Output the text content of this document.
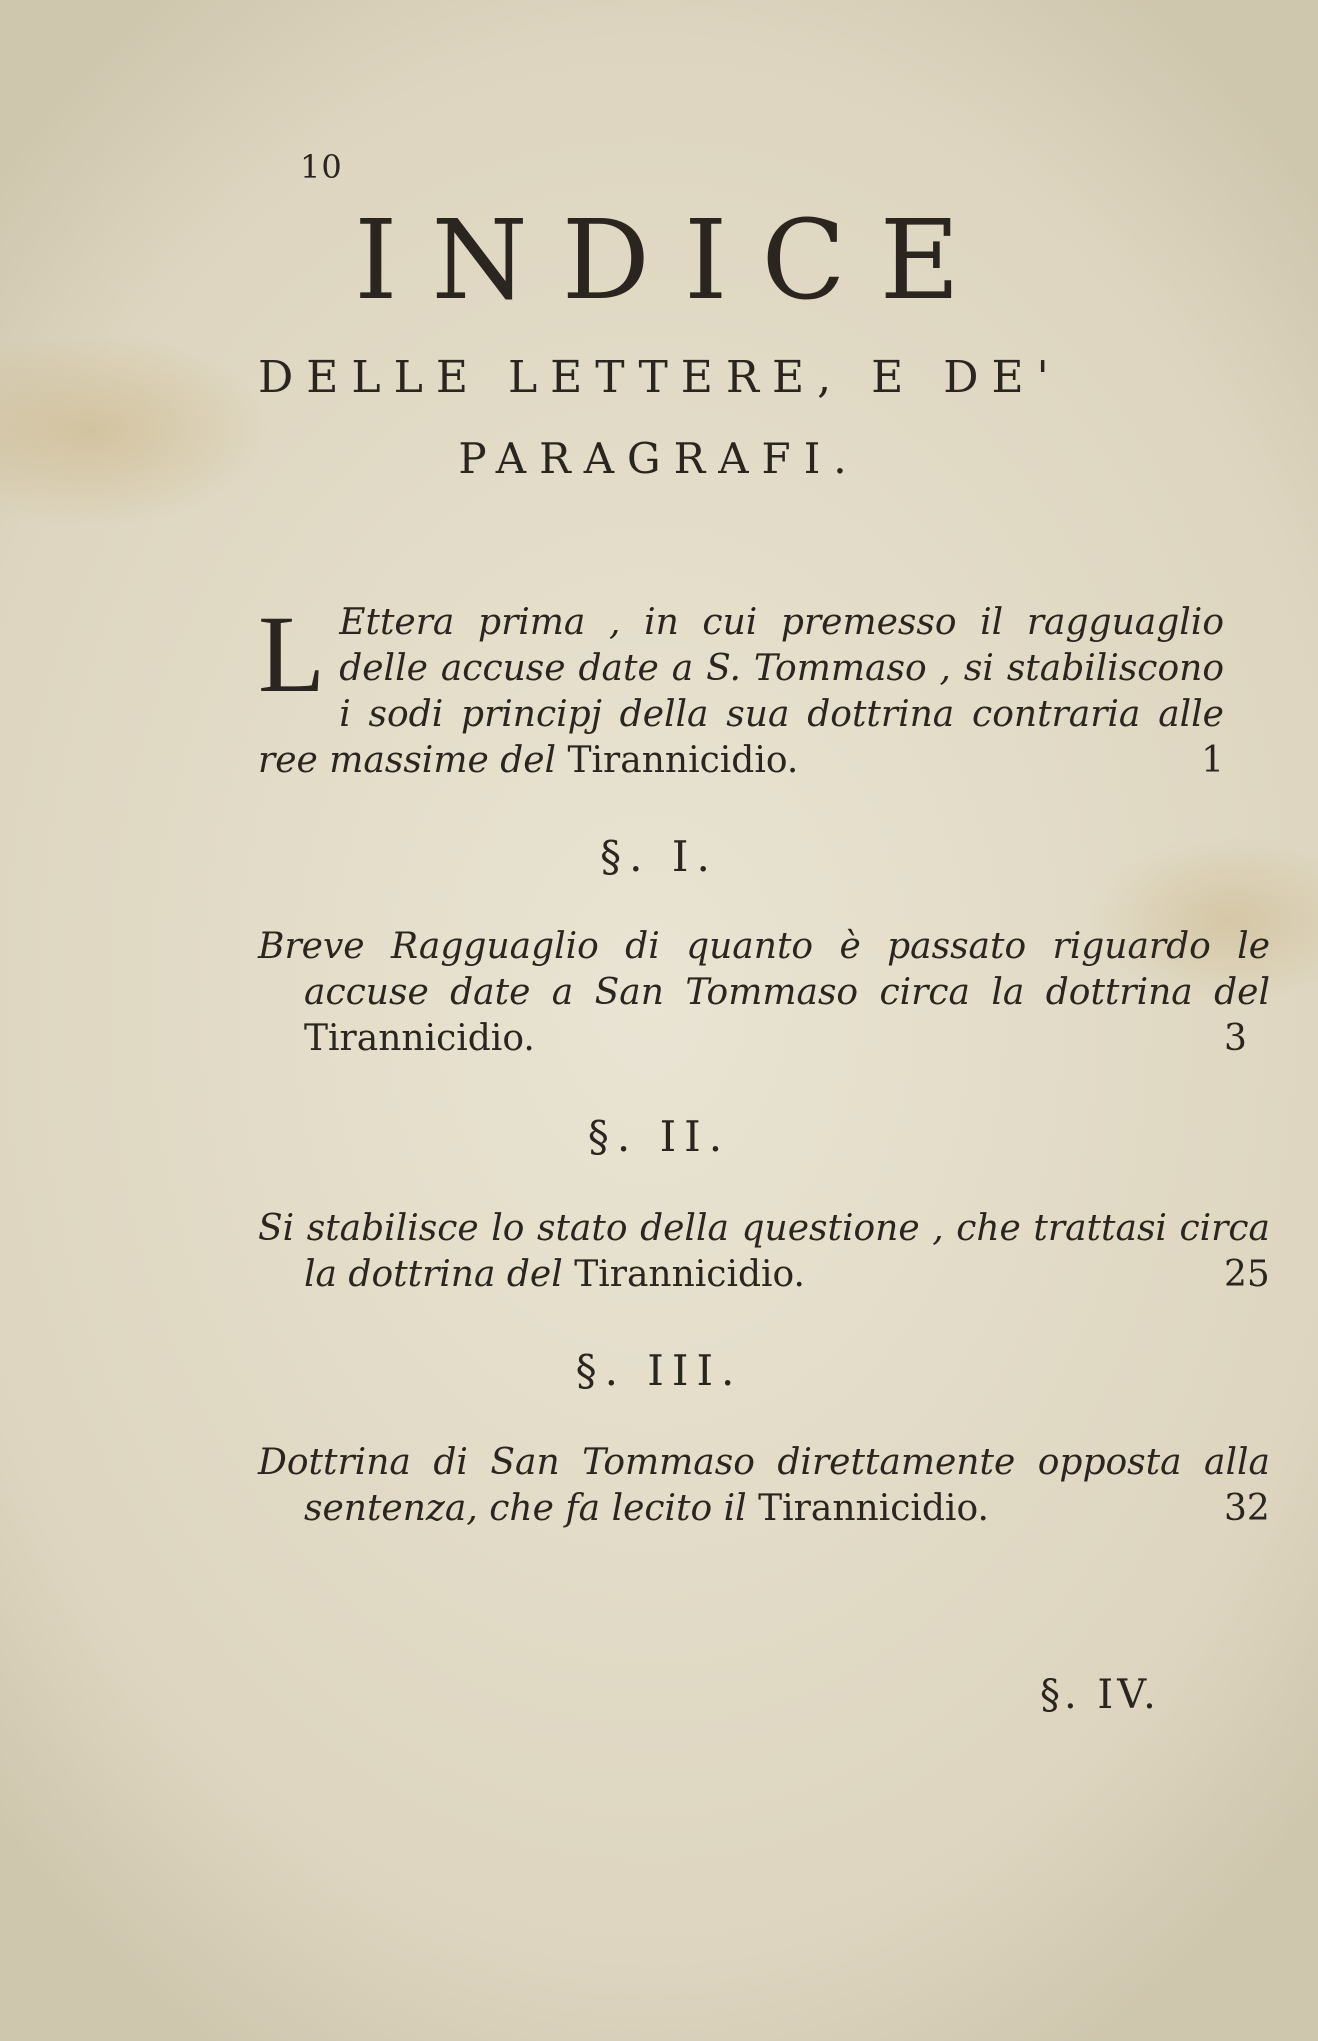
10
INDICE
DELLE LETTERE, E DE'
PARAGRAFI.
L Ettera prima , in cui premesso il ragguaglio delle accuse date a S. Tommaso , si stabiliscono i sodi principj della sua dottrina contraria alle ree massime del Tirannicidio.	1
§. I.
Breve Ragguaglio di quanto è passato riguardo le accuse date a San Tommaso circa la dottrina del Tirannicidio.	3
§. II.
Si stabilisce lo stato della questione , che trattasi circa la dottrina del Tirannicidio.	25
§. III.
Dottrina di San Tommaso direttamente opposta alla sentenza, che fa lecito il Tirannicidio.	32
§. IV.
